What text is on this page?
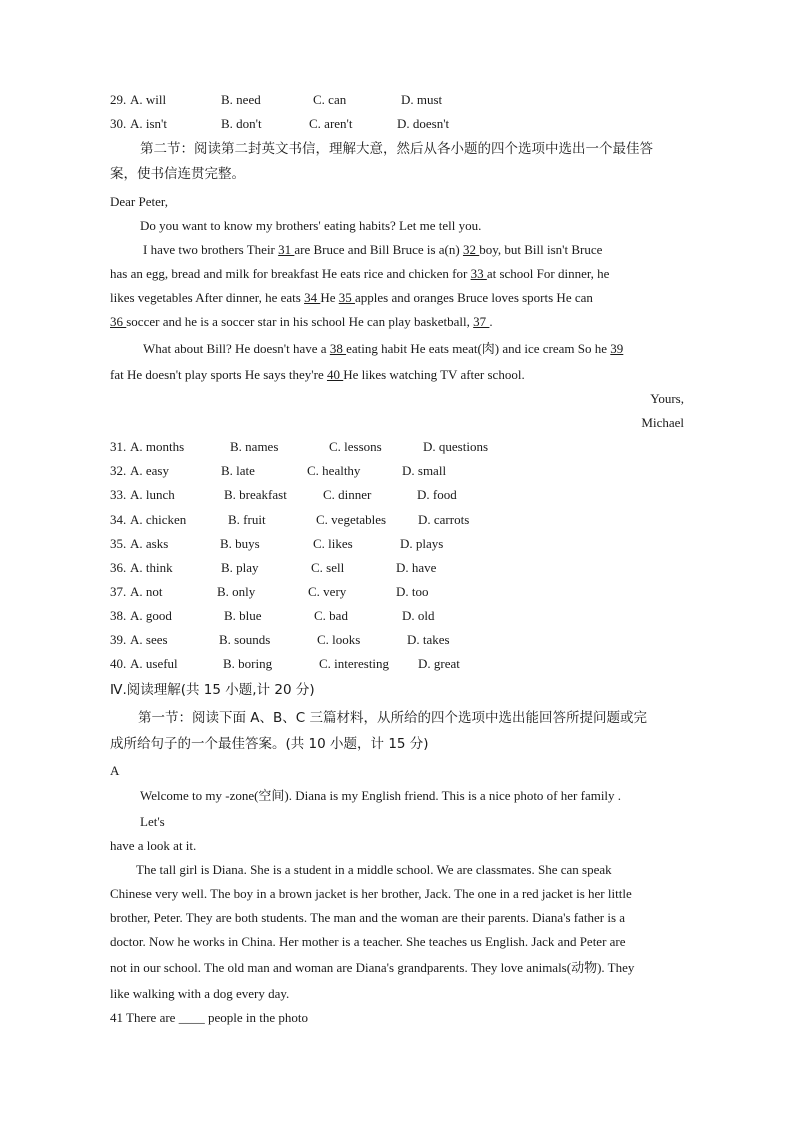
29. A. will	B. need	C. can	D. must
30. A. isn't	B. don't	C. aren't	D. doesn't
第二节：阅读第二封英文书信，理解大意，然后从各小题的四个选项中选出一个最佳答
案，使书信连贯完整。
Dear Peter,
Do you want to know my brothers' eating habits? Let me tell you.
I have two brothers Their 31 are Bruce and Bill Bruce is a(n) 32 boy, but Bill isn't Bruce
has an egg, bread and milk for breakfast He eats rice and chicken for 33 at school For dinner, he
likes vegetables After dinner, he eats 34 He 35 apples and oranges Bruce loves sports He can
36 soccer and he is a soccer star in his school He can play basketball, 37 .
What about Bill? He doesn't have a 38 eating habit He eats meat(肉) and ice cream So he 39
fat He doesn't play sports He says they're 40 He likes watching TV after school.
Yours,
Michael
31. A. months	B. names	C. lessons	D. questions
32. A. easy	B. late	C. healthy	D. small
33. A. lunch	B. breakfast	C. dinner	D. food
34. A. chicken	B. fruit	C. vegetables D. carrots
35. A. asks	B. buys	C. likes	D. plays
36. A. think	B. play	C. sell	D. have
37. A. not	B. only	C. very	D. too
38. A. good	B. blue	C. bad	D. old
39. A. sees	B. sounds	C. looks	D. takes
40. A. useful	B. boring	C. interesting D. great
Ⅳ.阅读理解(共 15 小题,计 20 分)
第一节：阅读下面 A、B、C 三篇材料，从所给的四个选项中选出能回答所提问题或完
成所给句子的一个最佳答案。(共 10 小题，计 15 分)
A
Welcome to my -zone(空间). Diana is my English friend. This is a nice photo of her family .
Let's
have a look at it.
The tall girl is Diana. She is a student in a middle school. We are classmates. She can speak
Chinese very well. The boy in a brown jacket is her brother, Jack. The one in a red jacket is her little
brother, Peter. They are both students. The man and the woman are their parents. Diana's father is a
doctor. Now he works in China. Her mother is a teacher. She teaches us English. Jack and Peter are
not in our school. The old man and woman are Diana's grandparents. They love animals(动物). They
like walking with a dog every day.
41 There are ____ people in the photo
